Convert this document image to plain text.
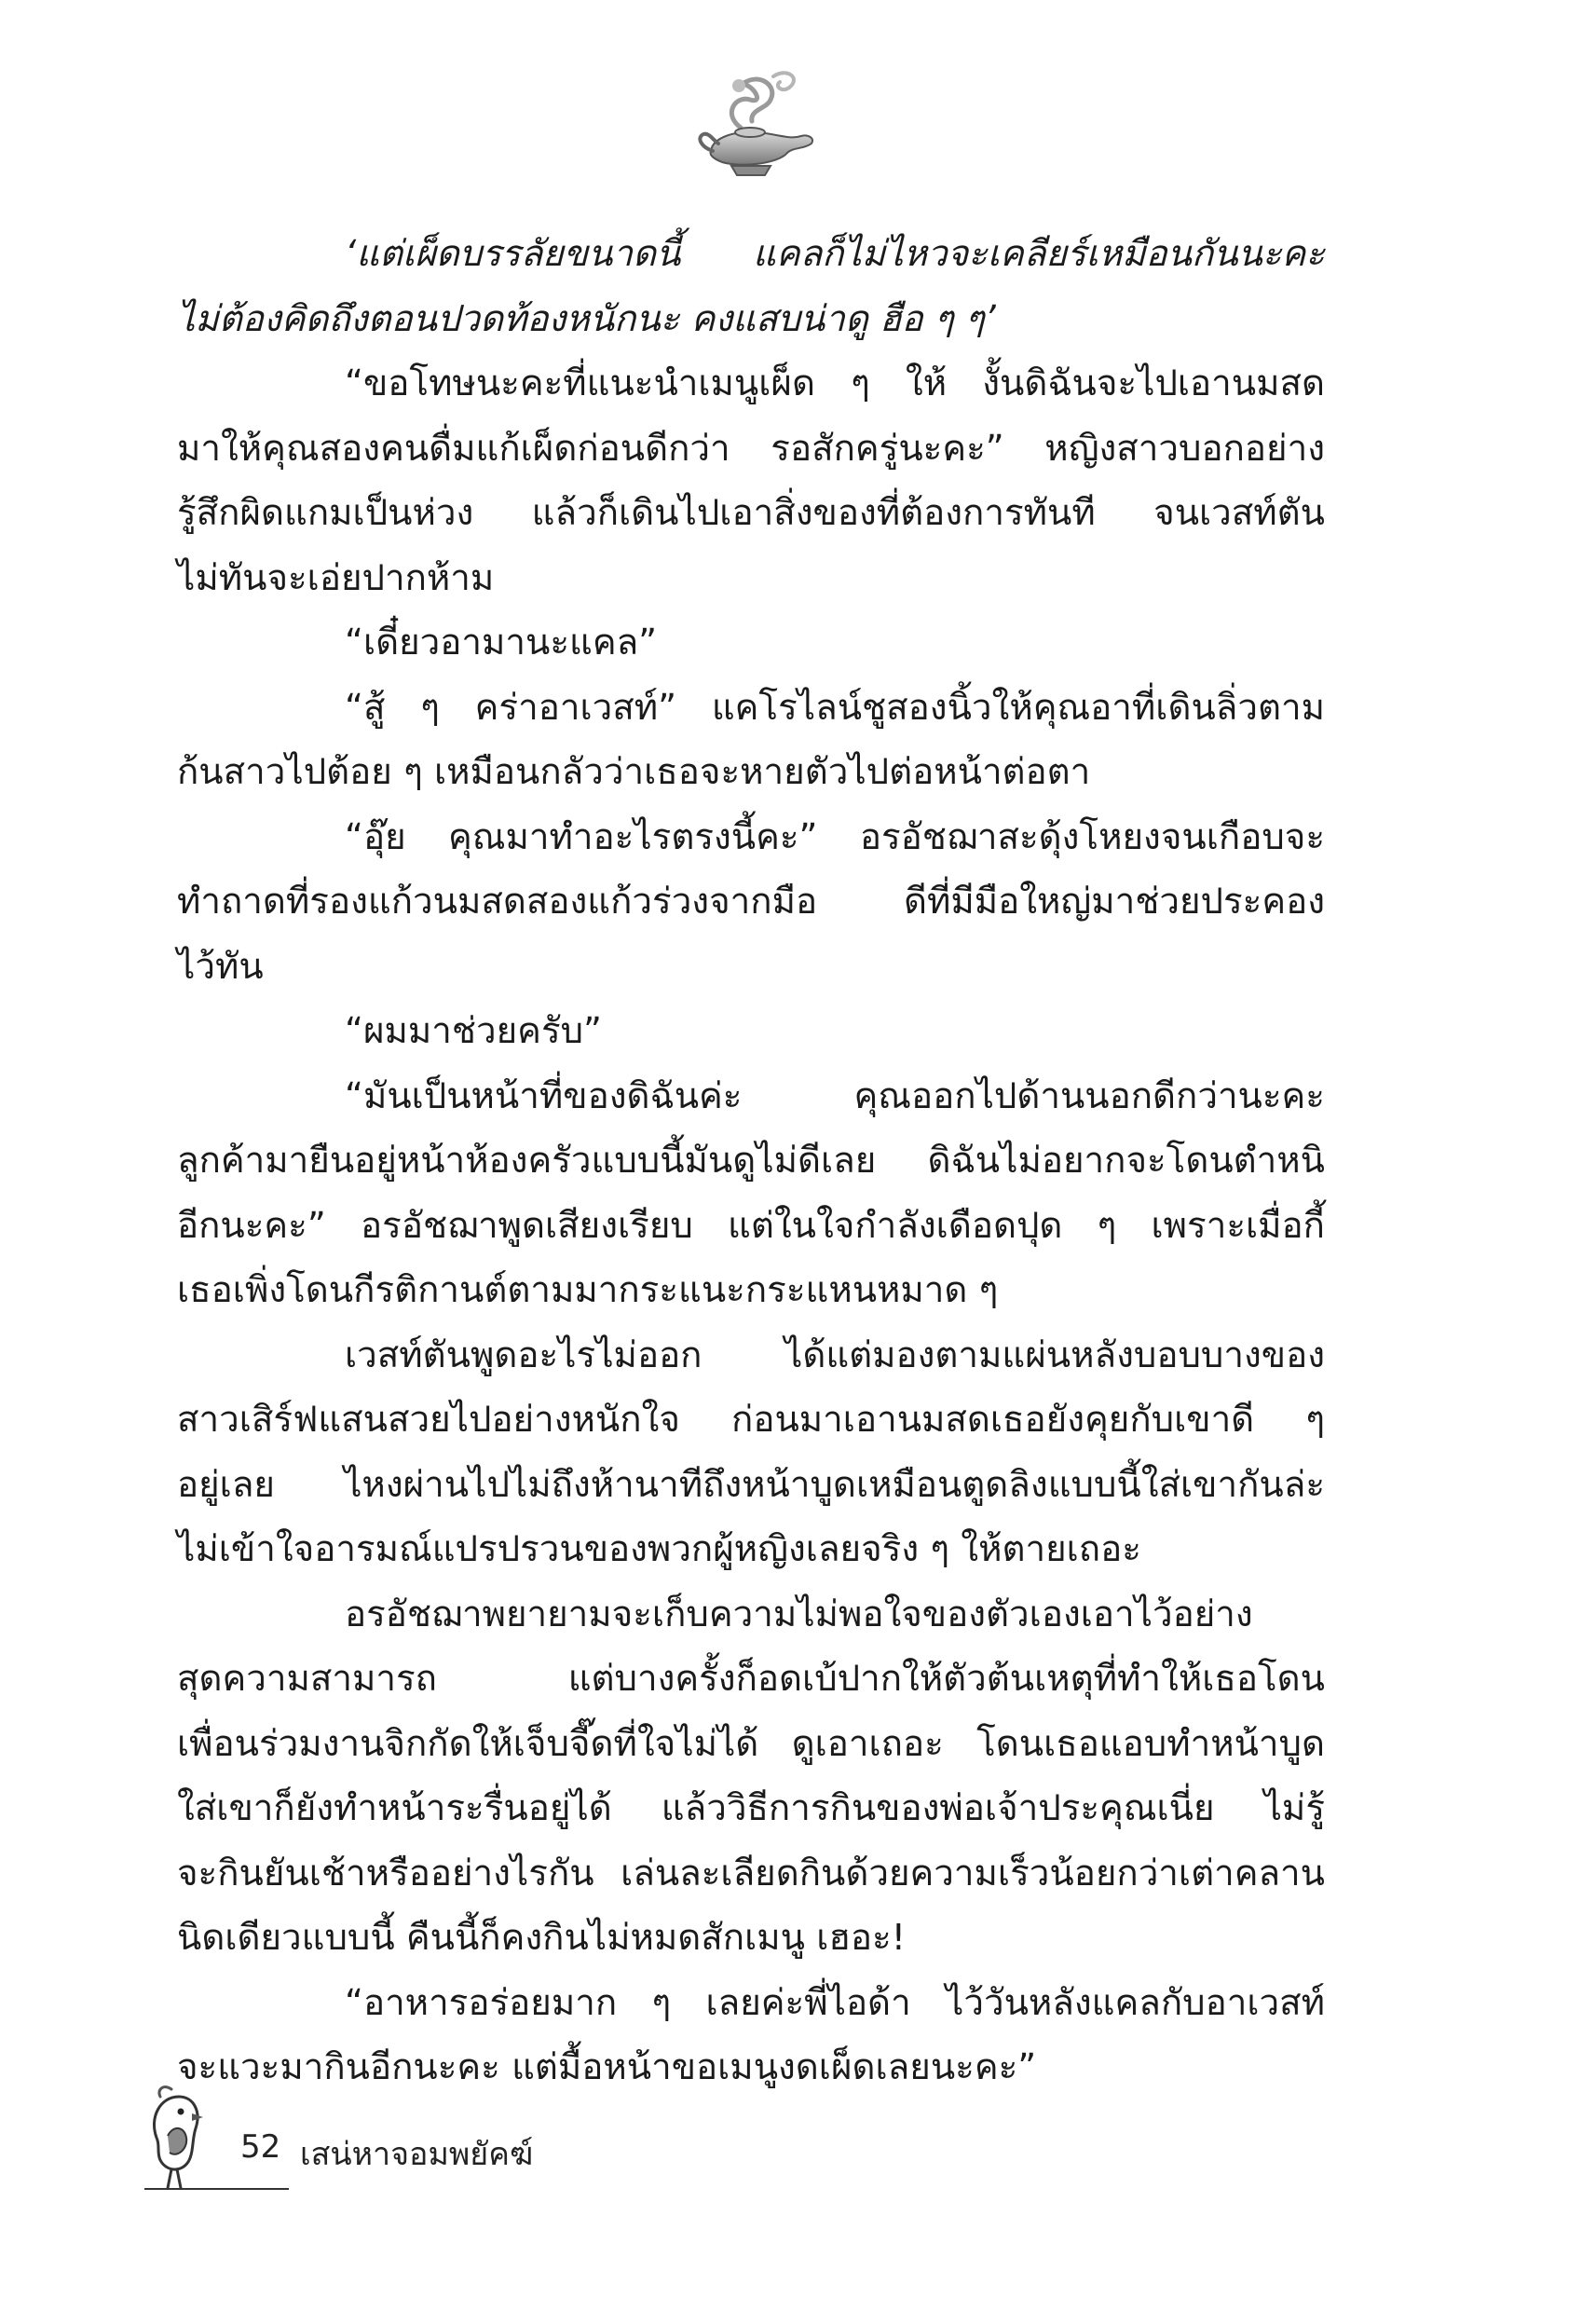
‘แต่เผ็ดบรรลัยขนาดนี้ แคลก็ไม่ไหวจะเคลียร์เหมือนกันนะคะ
ไม่ต้องคิดถึงตอนปวดท้องหนักนะ คงแสบน่าดู ฮือ ๆ ๆ’
“ขอโทษนะคะที่แนะนำเมนูเผ็ด ๆ ให้ งั้นดิฉันจะไปเอานมสด
มาให้คุณสองคนดื่มแก้เผ็ดก่อนดีกว่า รอสักครู่นะคะ” หญิงสาวบอกอย่าง
รู้สึกผิดแกมเป็นห่วง แล้วก็เดินไปเอาสิ่งของที่ต้องการทันที จนเวสท์ตัน
ไม่ทันจะเอ่ยปากห้าม
“เดี๋ยวอามานะแคล”
“สู้ ๆ คร่าอาเวสท์” แคโรไลน์ชูสองนิ้วให้คุณอาที่เดินลิ่วตาม
ก้นสาวไปต้อย ๆ เหมือนกลัวว่าเธอจะหายตัวไปต่อหน้าต่อตา
“อุ๊ย คุณมาทำอะไรตรงนี้คะ” อรอัชฌาสะดุ้งโหยงจนเกือบจะ
ทำถาดที่รองแก้วนมสดสองแก้วร่วงจากมือ ดีที่มีมือใหญ่มาช่วยประคอง
ไว้ทัน
“ผมมาช่วยครับ”
“มันเป็นหน้าที่ของดิฉันค่ะ คุณออกไปด้านนอกดีกว่านะคะ
ลูกค้ามายืนอยู่หน้าห้องครัวแบบนี้มันดูไม่ดีเลย ดิฉันไม่อยากจะโดนตำหนิ
อีกนะคะ” อรอัชฌาพูดเสียงเรียบ แต่ในใจกำลังเดือดปุด ๆ เพราะเมื่อกี้
เธอเพิ่งโดนกีรติกานต์ตามมากระแนะกระแหนหมาด ๆ
เวสท์ตันพูดอะไรไม่ออก ได้แต่มองตามแผ่นหลังบอบบางของ
สาวเสิร์ฟแสนสวยไปอย่างหนักใจ ก่อนมาเอานมสดเธอยังคุยกับเขาดี ๆ
อยู่เลย ไหงผ่านไปไม่ถึงห้านาทีถึงหน้าบูดเหมือนตูดลิงแบบนี้ใส่เขากันล่ะ
ไม่เข้าใจอารมณ์แปรปรวนของพวกผู้หญิงเลยจริง ๆ ให้ตายเถอะ
อรอัชฌาพยายามจะเก็บความไม่พอใจของตัวเองเอาไว้อย่าง
สุดความสามารถ แต่บางครั้งก็อดเบ้ปากให้ตัวต้นเหตุที่ทำให้เธอโดน
เพื่อนร่วมงานจิกกัดให้เจ็บจี๊ดที่ใจไม่ได้ ดูเอาเถอะ โดนเธอแอบทำหน้าบูด
ใส่เขาก็ยังทำหน้าระรื่นอยู่ได้ แล้ววิธีการกินของพ่อเจ้าประคุณเนี่ย ไม่รู้
จะกินยันเช้าหรืออย่างไรกัน เล่นละเลียดกินด้วยความเร็วน้อยกว่าเต่าคลาน
นิดเดียวแบบนี้ คืนนี้ก็คงกินไม่หมดสักเมนู เฮอะ!
“อาหารอร่อยมาก ๆ เลยค่ะพี่ไอด้า ไว้วันหลังแคลกับอาเวสท์
จะแวะมากินอีกนะคะ แต่มื้อหน้าขอเมนูงดเผ็ดเลยนะคะ”
52 เสน่หาจอมพยัคฆ์
